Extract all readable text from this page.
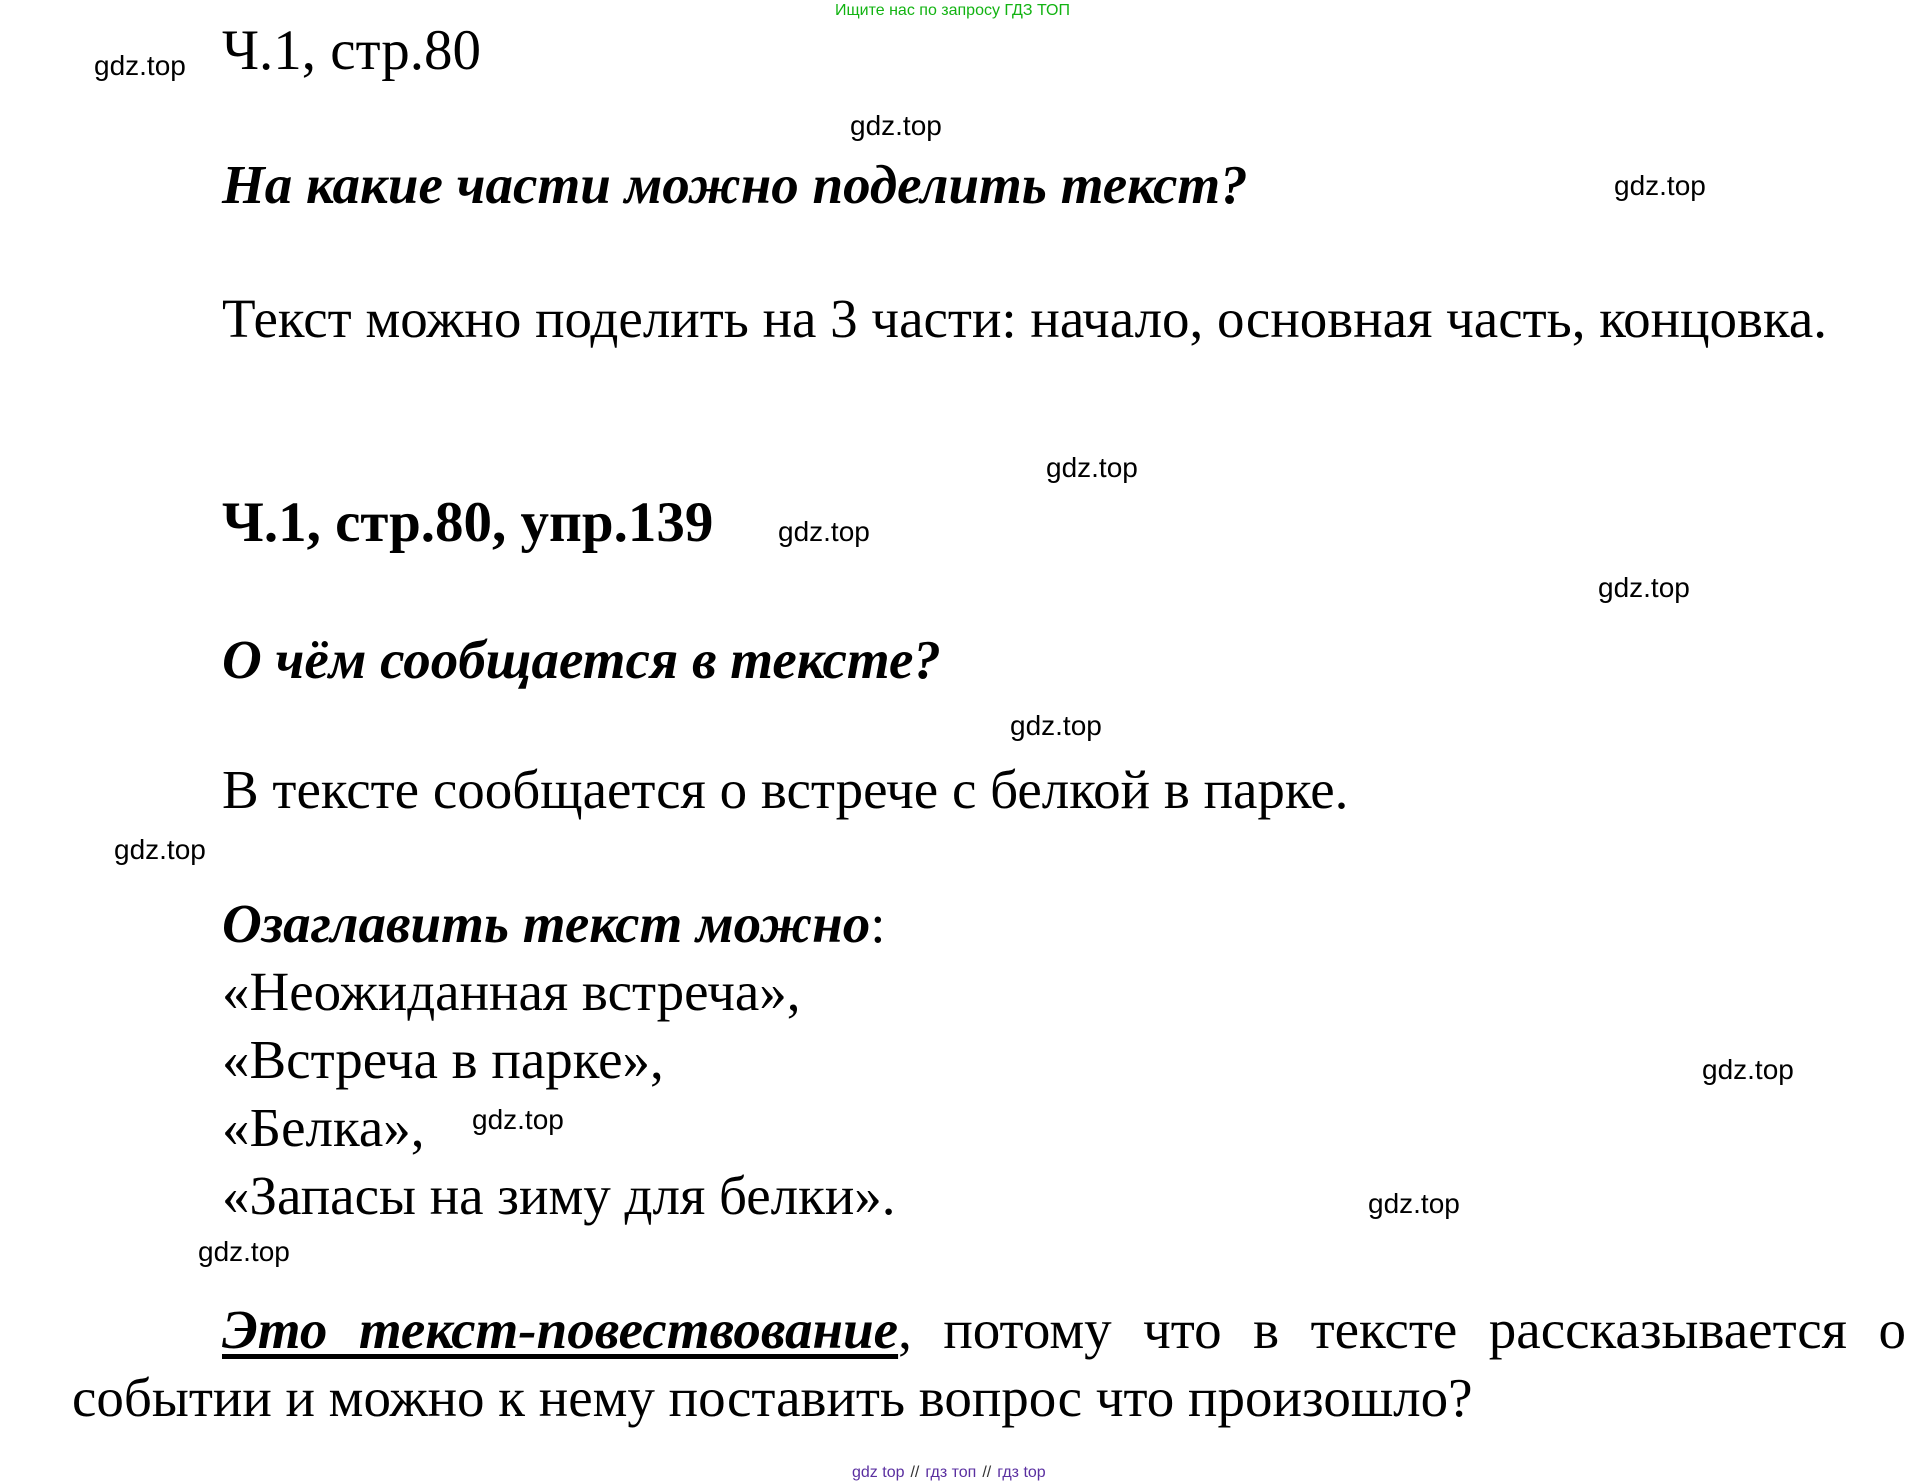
Ищите нас по запросу ГДЗ ТОП
Ч.1, стр.80
На какие части можно поделить текст?
Текст можно поделить на 3 части: начало, основная часть, концовка.
Ч.1, стр.80, упр.139
О чём сообщается в тексте?
В тексте сообщается о встрече с белкой в парке.
Озаглавить текст можно:
«Неожиданная встреча»,
«Встреча в парке»,
«Белка»,
«Запасы на зиму для белки».
Это текст-повествование, потому что в тексте рассказывается о событии и можно к нему поставить вопрос что произошло?
gdz.top
gdz.top
gdz.top
gdz.top
gdz.top
gdz.top
gdz.top
gdz.top
gdz.top
gdz.top
gdz.top
gdz.top
gdz top // гдз топ // гдз top
